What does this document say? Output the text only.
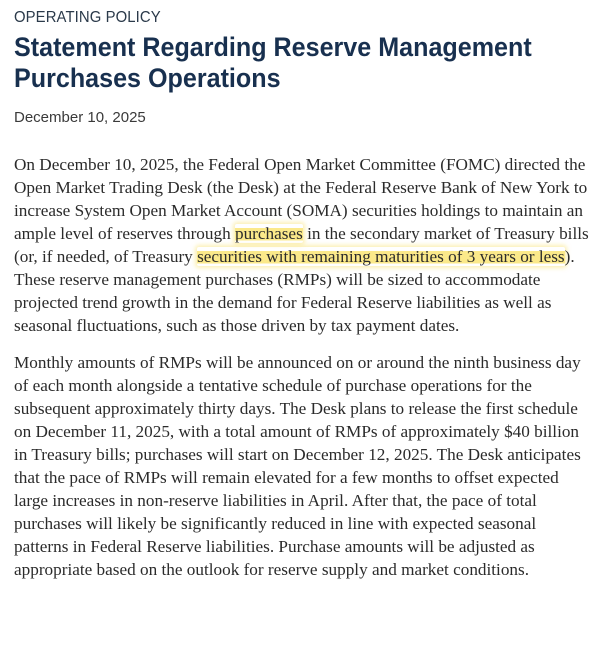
OPERATING POLICY
Statement Regarding Reserve Management Purchases Operations
December 10, 2025

On December 10, 2025, the Federal Open Market Committee (FOMC) directed the Open Market Trading Desk (the Desk) at the Federal Reserve Bank of New York to increase System Open Market Account (SOMA) securities holdings to maintain an ample level of reserves through purchases in the secondary market of Treasury bills (or, if needed, of Treasury securities with remaining maturities of 3 years or less). These reserve management purchases (RMPs) will be sized to accommodate projected trend growth in the demand for Federal Reserve liabilities as well as seasonal fluctuations, such as those driven by tax payment dates.

Monthly amounts of RMPs will be announced on or around the ninth business day of each month alongside a tentative schedule of purchase operations for the subsequent approximately thirty days. The Desk plans to release the first schedule on December 11, 2025, with a total amount of RMPs of approximately $40 billion in Treasury bills; purchases will start on December 12, 2025. The Desk anticipates that the pace of RMPs will remain elevated for a few months to offset expected large increases in non-reserve liabilities in April. After that, the pace of total purchases will likely be significantly reduced in line with expected seasonal patterns in Federal Reserve liabilities. Purchase amounts will be adjusted as appropriate based on the outlook for reserve supply and market conditions.
